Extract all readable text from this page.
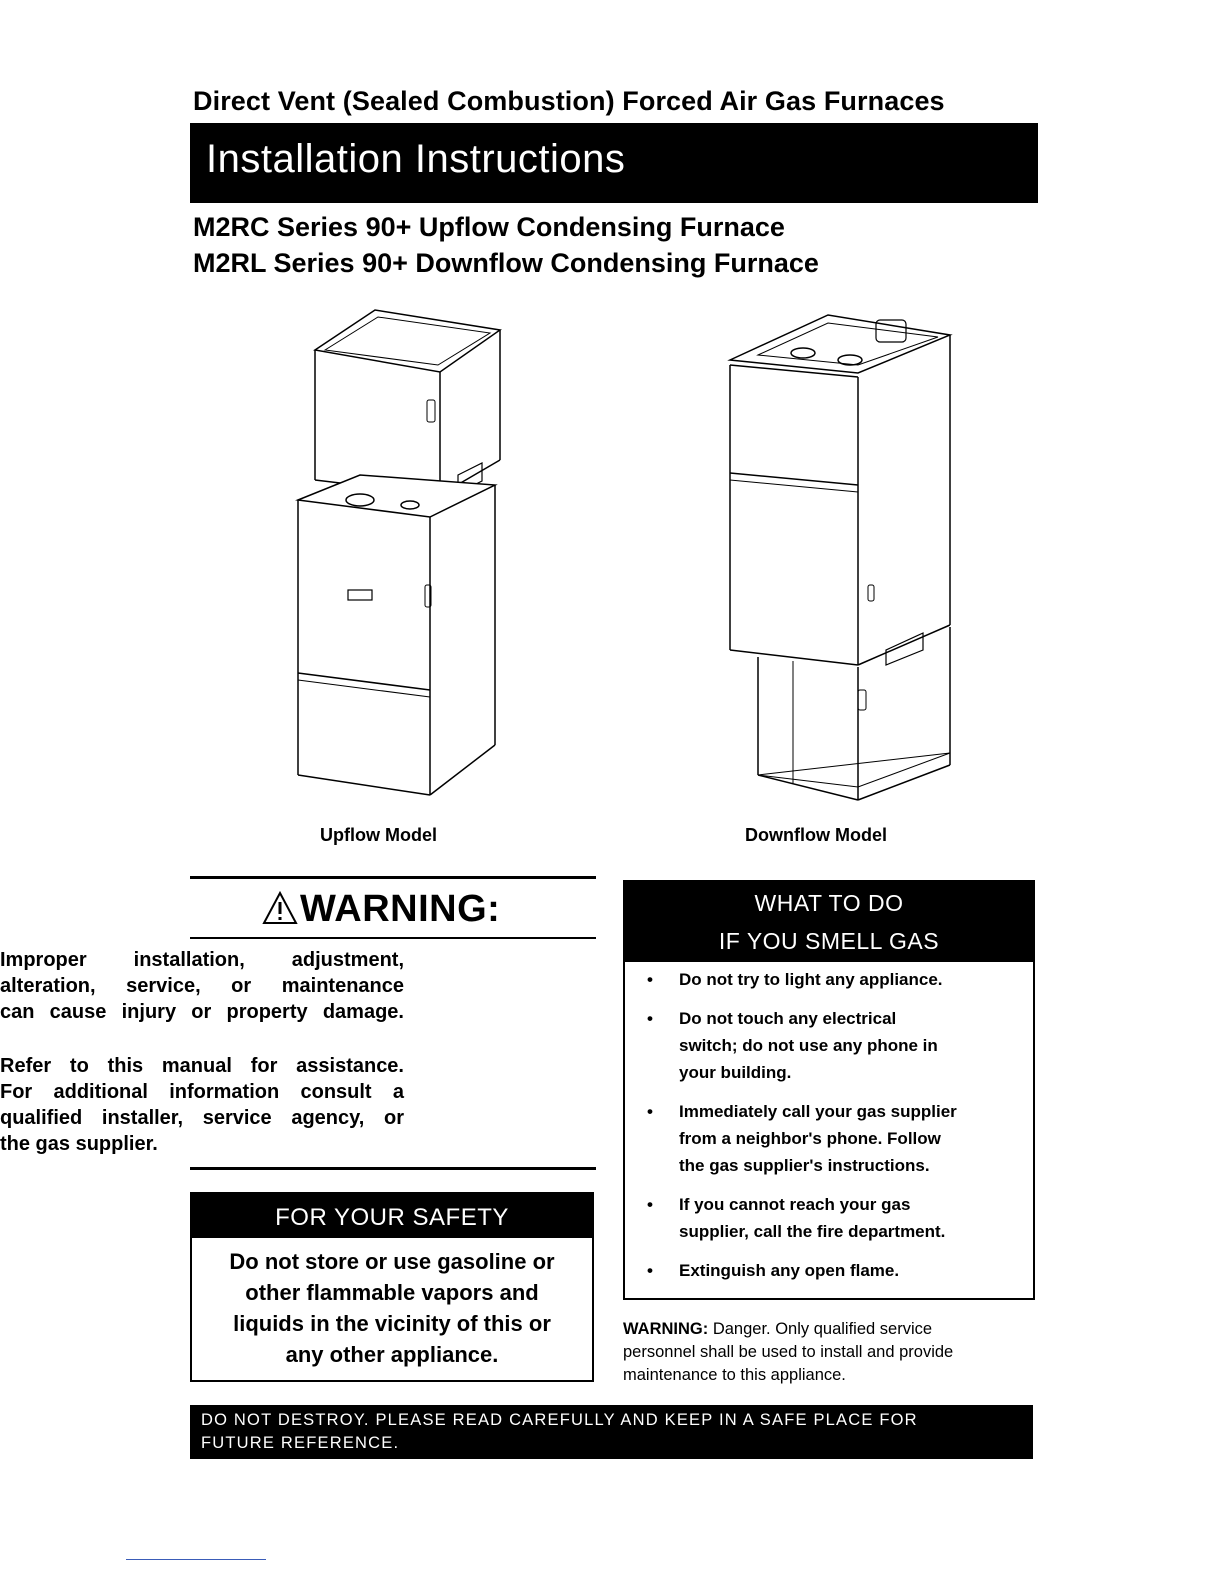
Direct Vent (Sealed Combustion) Forced Air Gas Furnaces
Installation Instructions
M2RC Series 90+ Upflow Condensing Furnace
M2RL Series 90+ Downflow Condensing Furnace
Upflow Model	Downflow Model
WARNING:
Improper installation, adjustment,
alteration, service, or maintenance
can cause injury or property damage.
Refer to this manual for assistance.
For additional information consult a
qualified installer, service agency, or
the gas supplier.
FOR YOUR SAFETY
Do not store or use gasoline or
other flammable vapors and
liquids in the vicinity of this or
any other appliance.
WHAT TO DO
IF YOU SMELL GAS
• Do not try to light any appliance.
• Do not touch any electrical
switch; do not use any phone in
your building.
• Immediately call your gas supplier
from a neighbor's phone. Follow
the gas supplier's instructions.
• If you cannot reach your gas
supplier, call the fire department.
• Extinguish any open flame.
WARNING: Danger. Only qualified service
personnel shall be used to install and provide
maintenance to this appliance.
DO NOT DESTROY. PLEASE READ CAREFULLY AND KEEP IN A SAFE PLACE FOR
FUTURE REFERENCE.
